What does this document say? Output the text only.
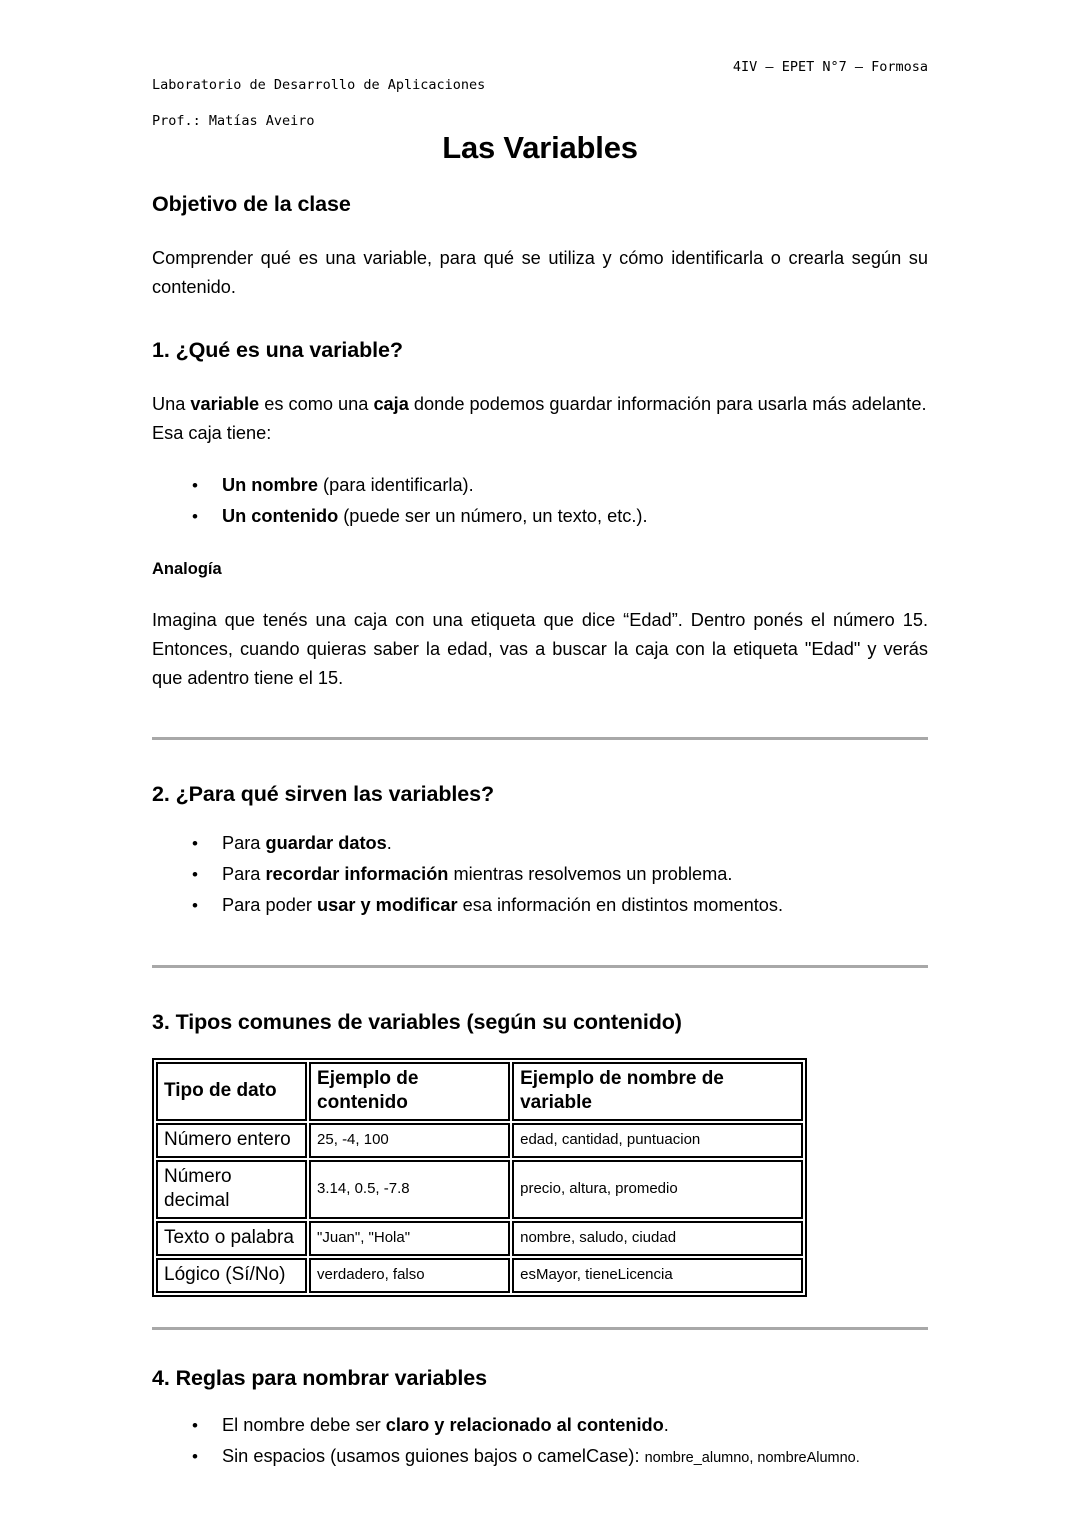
Laboratorio de Desarrollo de Aplicaciones

Prof.: Matías Aveiro

4IV – EPET N°7 – Formosa
Las Variables
Objetivo de la clase

Comprender qué es una variable, para qué se utiliza y cómo identificarla o crearla según su contenido.

1. ¿Qué es una variable?

Una variable es como una caja donde podemos guardar información para usarla más adelante.

Esa caja tiene:

• Un nombre (para identificarla).
• Un contenido (puede ser un número, un texto, etc.).
Analogía

Imagina que tenés una caja con una etiqueta que dice “Edad”. Dentro ponés el número 15. Entonces, cuando quieras saber la edad, vas a buscar la caja con la etiqueta "Edad" y verás que adentro tiene el 15.

2. ¿Para qué sirven las variables?
• Para guardar datos.
• Para recordar información mientras resolvemos un problema.
• Para poder usar y modificar esa información en distintos momentos.
3. Tipos comunes de variables (según su contenido)
Tipo de dato	Ejemplo de contenido	Ejemplo de nombre de variable
Número entero	25, -4, 100	edad, cantidad, puntuacion
Número decimal	3.14, 0.5, -7.8	precio, altura, promedio
Texto o palabra	"Juan", "Hola"	nombre, saludo, ciudad
Lógico (Sí/No)	verdadero, falso	esMayor, tieneLicencia
4. Reglas para nombrar variables
• El nombre debe ser claro y relacionado al contenido.
• Sin espacios (usamos guiones bajos o camelCase): nombre_alumno, nombreAlumno.
